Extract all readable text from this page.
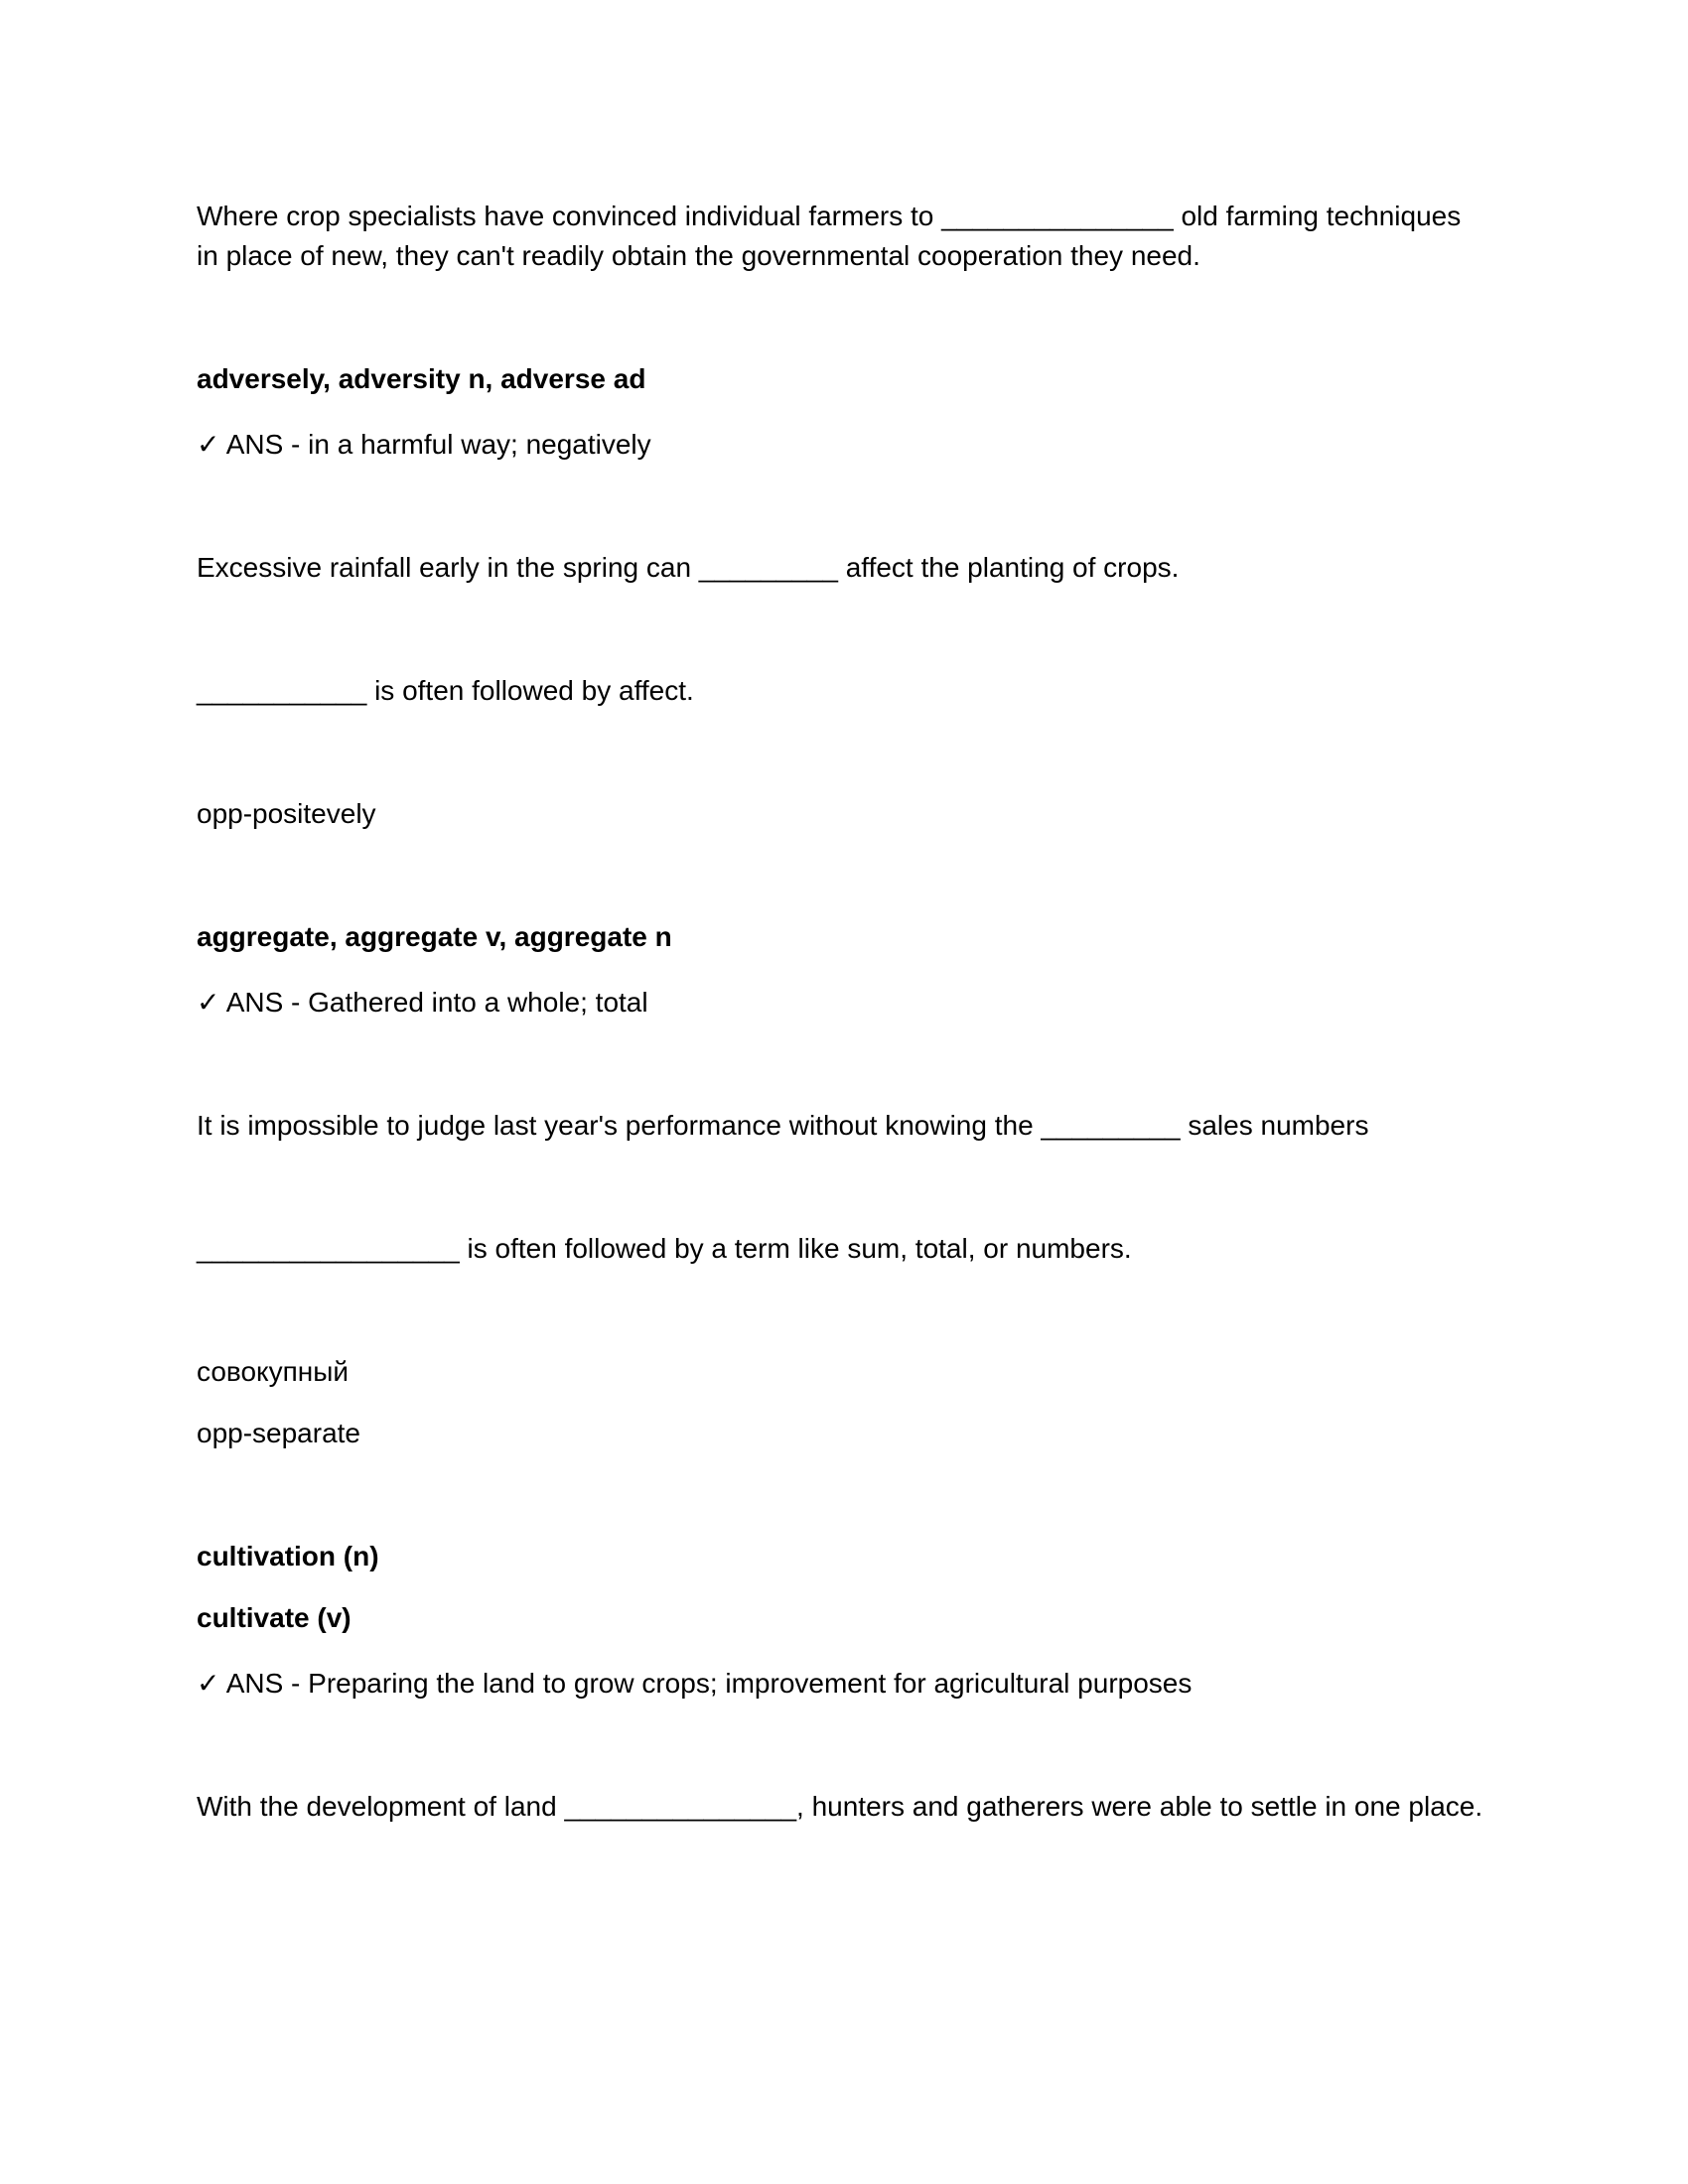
Where crop specialists have convinced individual farmers to _______________ old farming techniques in place of new, they can't readily obtain the governmental cooperation they need.
adversely, adversity n, adverse ad
✓ ANS - in a harmful way; negatively
Excessive rainfall early in the spring can _________ affect the planting of crops.
___________ is often followed by affect.
opp-positevely
aggregate, aggregate v, aggregate n
✓ ANS - Gathered into a whole; total
It is impossible to judge last year's performance without knowing the _________ sales numbers
_________________ is often followed by a term like sum, total, or numbers.
совокупный
opp-separate
cultivation (n)
cultivate (v)
✓ ANS - Preparing the land to grow crops; improvement for agricultural purposes
With the development of land _______________, hunters and gatherers were able to settle in one place.
